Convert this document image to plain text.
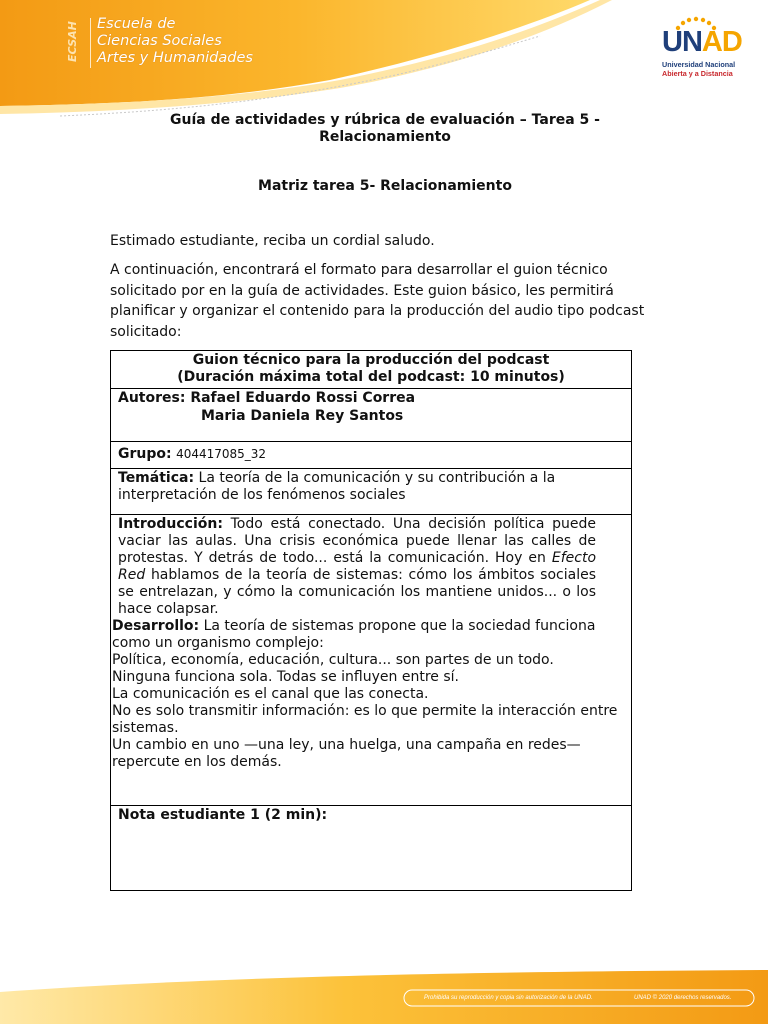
ECSAH	Escuela de
Ciencias Sociales
Artes y Humanidades	UNAD
Universidad Nacional
Abierta y a Distancia
Guía de actividades y rúbrica de evaluación – Tarea 5 -
Relacionamiento
Matriz tarea 5- Relacionamiento
Estimado estudiante, reciba un cordial saludo.
A continuación, encontrará el formato para desarrollar el guion técnico solicitado por en la guía de actividades. Este guion básico, les permitirá planificar y organizar el contenido para la producción del audio tipo podcast solicitado:
Guion técnico para la producción del podcast
(Duración máxima total del podcast: 10 minutos)

Autores: Rafael Eduardo Rossi Correa
Maria Daniela Rey Santos

Grupo: 404417085_32
Temática: La teoría de la comunicación y su contribución a la interpretación de los fenómenos sociales

Introducción: Todo está conectado. Una decisión política puede vaciar las aulas. Una crisis económica puede llenar las calles de protestas. Y detrás de todo... está la comunicación. Hoy en Efecto Red hablamos de la teoría de sistemas: cómo los ámbitos sociales se entrelazan, y cómo la comunicación los mantiene unidos... o los hace colapsar.
Desarrollo: La teoría de sistemas propone que la sociedad funciona como un organismo complejo:
Política, economía, educación, cultura... son partes de un todo.
Ninguna funciona sola. Todas se influyen entre sí.
La comunicación es el canal que las conecta.
No es solo transmitir información: es lo que permite la interacción entre sistemas.
Un cambio en uno —una ley, una huelga, una campaña en redes— repercute en los demás.

Nota estudiante 1 (2 min):
Prohibida su reproducción y copia sin autorización de la UNAD.	UNAD © 2020 derechos reservados.
